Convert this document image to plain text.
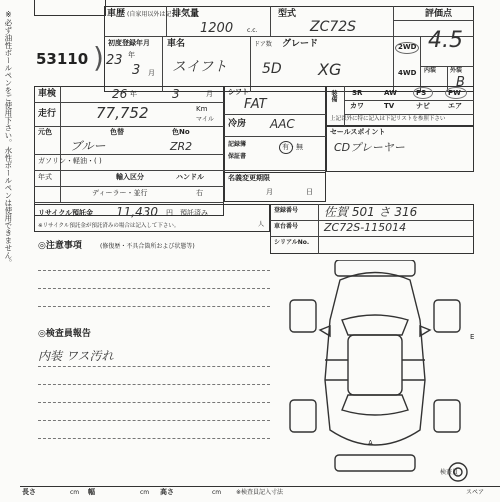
※必ず油性ボールペンをご使用下さい。水性ボールペンは使用できません。 53110 )
車歴 (自家用以外は記入)
排気量
1200 c.c.
型式
ZC72S
評価点
4.5
初度登録年月
23 年
3 月
車名
スイフト
ドア数 グレード
5D XG
2WD
4WD 内装 外装
B
車検	26 年	3	月
走行	77,752	Km
マイル
元色	色替
ブルー
色No
ZR2
ガソリン・軽油・( )
年式	輸入区分	ハンドル
ディーラー・並行	右
シフト
FAT
冷房 AAC
記録簿
保証書
有・無
装備 SR	AW	PS	PW
カワ	TV	ナビ	エア
上記以外に特に記入は下記リストを参照下さい
セールスポイント
CDプレーヤー
名義変更期限
月	日
リサイクル預託金 11,430 円 預託済み
※リサイクル預託金が預託済みの場合は記入して下さい。
登録番号 佐賀 501 さ 316
人 車台番号 ZC72S-115014
シリアルNo.
◎注意事項	(修復歴・不具合箇所および状態等)
◎検査員報告
内装 ワス汚れ
E
A
検査員
スペア
長さ	cm 幅	cm 高さ	cm ※検査員記入寸法
